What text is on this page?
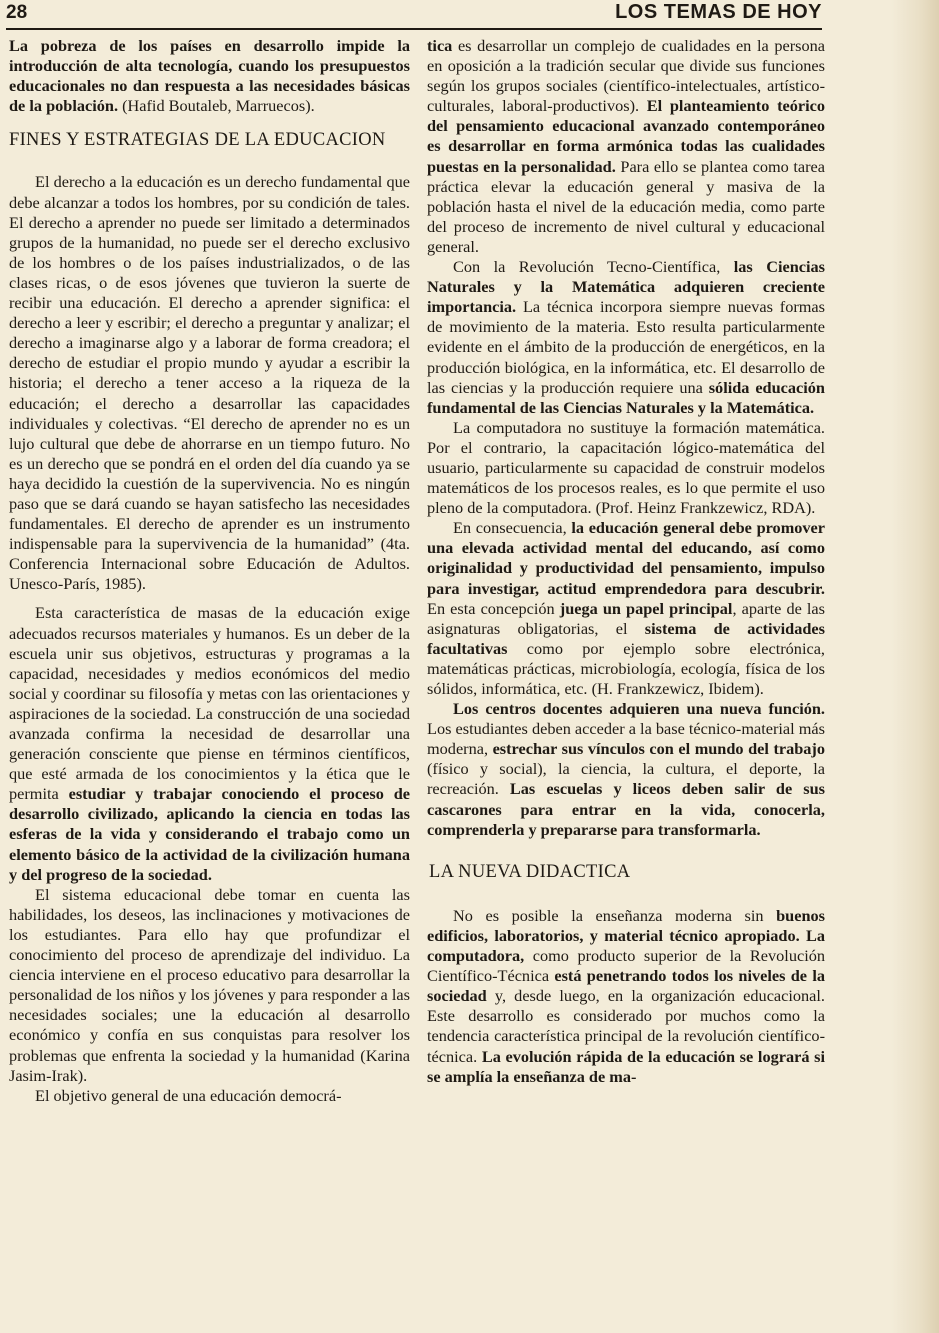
28	LOS TEMAS DE HOY

La pobreza de los países en desarrollo impide la introducción de alta tecnología, cuando los presupuestos educacionales no dan respuesta a las necesidades básicas de la población. (Hafid Boutaleb, Marruecos).

FINES Y ESTRATEGIAS DE LA EDUCACION

El derecho a la educación es un derecho fundamental que debe alcanzar a todos los hombres, por su condición de tales. El derecho a aprender no puede ser limitado a determinados grupos de la humanidad, no puede ser el derecho exclusivo de los hombres o de los países industrializados, o de las clases ricas, o de esos jóvenes que tuvieron la suerte de recibir una educación. El derecho a aprender significa: el derecho a leer y escribir; el derecho a preguntar y analizar; el derecho a imaginarse algo y a laborar de forma creadora; el derecho de estudiar el propio mundo y ayudar a escribir la historia; el derecho a tener acceso a la riqueza de la educación; el derecho a desarrollar las capacidades individuales y colectivas. “El derecho de aprender no es un lujo cultural que debe de ahorrarse en un tiempo futuro. No es un derecho que se pondrá en el orden del día cuando ya se haya decidido la cuestión de la supervivencia. No es ningún paso que se dará cuando se hayan satisfecho las necesidades fundamentales. El derecho de aprender es un instrumento indispensable para la supervivencia de la humanidad” (4ta. Conferencia Internacional sobre Educación de Adultos. Unesco-París, 1985).

Esta característica de masas de la educación exige adecuados recursos materiales y humanos. Es un deber de la escuela unir sus objetivos, estructuras y programas a la capacidad, necesidades y medios económicos del medio social y coordinar su filosofía y metas con las orientaciones y aspiraciones de la sociedad. La construcción de una sociedad avanzada confirma la necesidad de desarrollar una generación consciente que piense en términos científicos, que esté armada de los conocimientos y la ética que le permita estudiar y trabajar conociendo el proceso de desarrollo civilizado, aplicando la ciencia en todas las esferas de la vida y considerando el trabajo como un elemento básico de la actividad de la civilización humana y del progreso de la sociedad.

El sistema educacional debe tomar en cuenta las habilidades, los deseos, las inclinaciones y motivaciones de los estudiantes. Para ello hay que profundizar el conocimiento del proceso de aprendizaje del individuo. La ciencia interviene en el proceso educativo para desarrollar la personalidad de los niños y los jóvenes y para responder a las necesidades sociales; une la educación al desarrollo económico y confía en sus conquistas para resolver los problemas que enfrenta la sociedad y la humanidad (Karina Jasim-Irak).

El objetivo general de una educación democrá-

tica es desarrollar un complejo de cualidades en la persona en oposición a la tradición secular que divide sus funciones según los grupos sociales (científico-intelectuales, artístico-culturales, laboral-productivos). El planteamiento teórico del pensamiento educacional avanzado contemporáneo es desarrollar en forma armónica todas las cualidades puestas en la personalidad. Para ello se plantea como tarea práctica elevar la educación general y masiva de la población hasta el nivel de la educación media, como parte del proceso de incremento de nivel cultural y educacional general.

Con la Revolución Tecno-Científica, las Ciencias Naturales y la Matemática adquieren creciente importancia. La técnica incorpora siempre nuevas formas de movimiento de la materia. Esto resulta particularmente evidente en el ámbito de la producción de energéticos, en la producción biológica, en la informática, etc. El desarrollo de las ciencias y la producción requiere una sólida educación fundamental de las Ciencias Naturales y la Matemática.

La computadora no sustituye la formación matemática. Por el contrario, la capacitación lógico-matemática del usuario, particularmente su capacidad de construir modelos matemáticos de los procesos reales, es lo que permite el uso pleno de la computadora. (Prof. Heinz Frankzewicz, RDA).

En consecuencia, la educación general debe promover una elevada actividad mental del educando, así como originalidad y productividad del pensamiento, impulso para investigar, actitud emprendedora para descubrir. En esta concepción juega un papel principal, aparte de las asignaturas obligatorias, el sistema de actividades facultativas como por ejemplo sobre electrónica, matemáticas prácticas, microbiología, ecología, física de los sólidos, informática, etc. (H. Frankzewicz, Ibidem).

Los centros docentes adquieren una nueva función. Los estudiantes deben acceder a la base técnico-material más moderna, estrechar sus vínculos con el mundo del trabajo (físico y social), la ciencia, la cultura, el deporte, la recreación. Las escuelas y liceos deben salir de sus cascarones para entrar en la vida, conocerla, comprenderla y prepararse para transformarla.

LA NUEVA DIDACTICA

No es posible la enseñanza moderna sin buenos edificios, laboratorios, y material técnico apropiado. La computadora, como producto superior de la Revolución Científico-Técnica está penetrando todos los niveles de la sociedad y, desde luego, en la organización educacional. Este desarrollo es considerado por muchos como la tendencia característica principal de la revolución científico-técnica. La evolución rápida de la educación se logrará si se amplía la enseñanza de ma-
